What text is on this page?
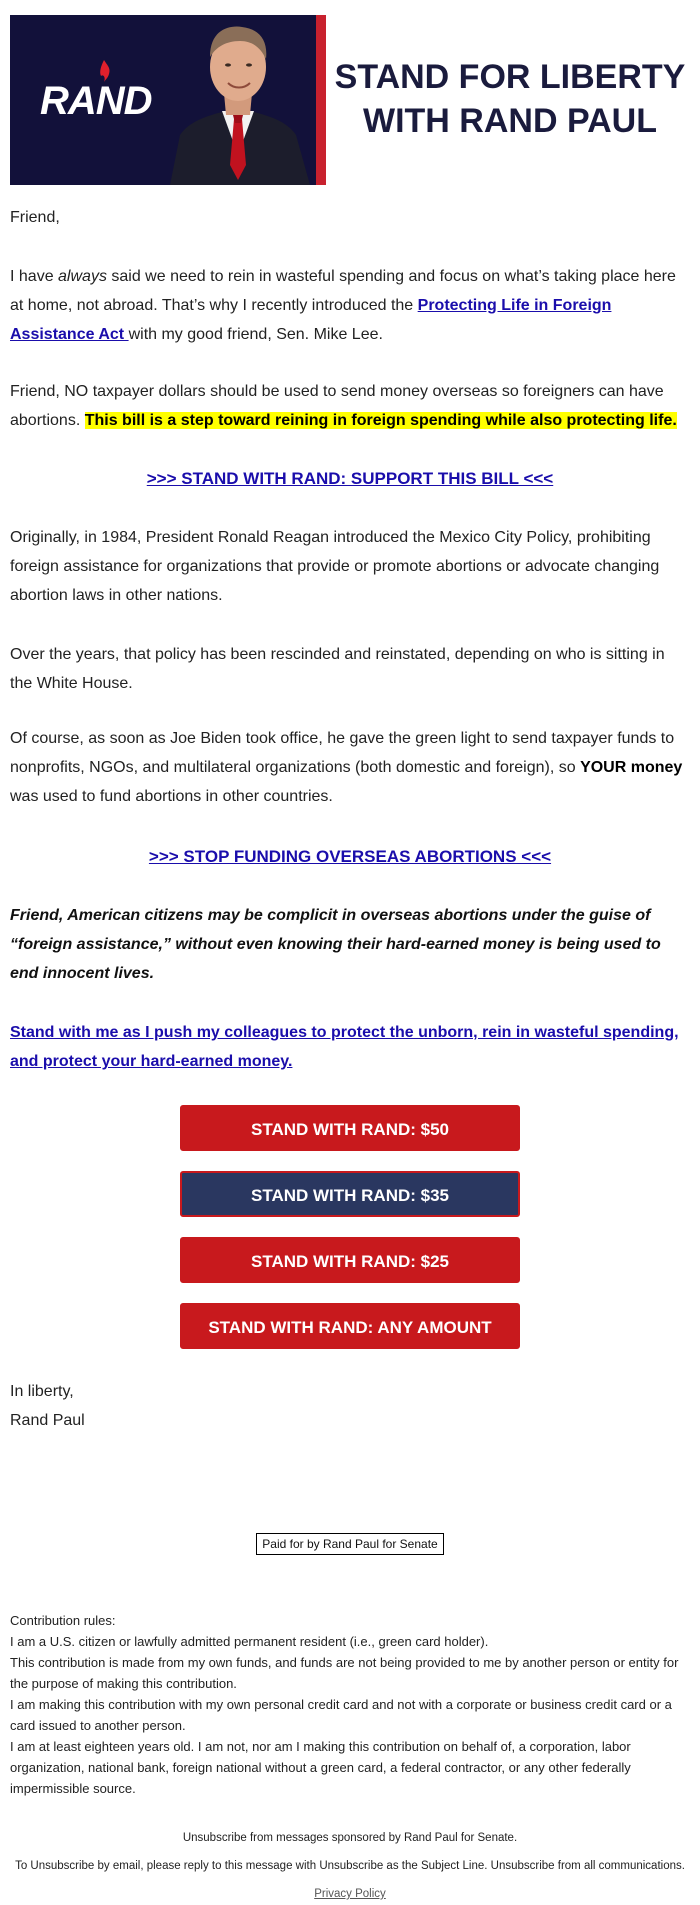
RAND
STAND FOR LIBERTY
WITH RAND PAUL
Friend,
I have always said we need to rein in wasteful spending and focus on what’s taking place here at home, not abroad. That’s why I recently introduced the Protecting Life in Foreign Assistance Act with my good friend, Sen. Mike Lee.
Friend, NO taxpayer dollars should be used to send money overseas so foreigners can have abortions. This bill is a step toward reining in foreign spending while also protecting life.
>>> STAND WITH RAND: SUPPORT THIS BILL <<<
Originally, in 1984, President Ronald Reagan introduced the Mexico City Policy, prohibiting foreign assistance for organizations that provide or promote abortions or advocate changing abortion laws in other nations.
Over the years, that policy has been rescinded and reinstated, depending on who is sitting in the White House.
Of course, as soon as Joe Biden took office, he gave the green light to send taxpayer funds to nonprofits, NGOs, and multilateral organizations (both domestic and foreign), so YOUR money was used to fund abortions in other countries.
>>> STOP FUNDING OVERSEAS ABORTIONS <<<
Friend, American citizens may be complicit in overseas abortions under the guise of “foreign assistance,” without even knowing their hard-earned money is being used to end innocent lives.
Stand with me as I push my colleagues to protect the unborn, rein in wasteful spending, and protect your hard-earned money.
STAND WITH RAND: $50
STAND WITH RAND: $35
STAND WITH RAND: $25
STAND WITH RAND: ANY AMOUNT
In liberty,
Rand Paul
Paid for by Rand Paul for Senate
Contribution rules:
I am a U.S. citizen or lawfully admitted permanent resident (i.e., green card holder).
This contribution is made from my own funds, and funds are not being provided to me by another person or entity for the purpose of making this contribution.
I am making this contribution with my own personal credit card and not with a corporate or business credit card or a card issued to another person.
I am at least eighteen years old. I am not, nor am I making this contribution on behalf of, a corporation, labor organization, national bank, foreign national without a green card, a federal contractor, or any other federally impermissible source.
Unsubscribe from messages sponsored by Rand Paul for Senate.
To Unsubscribe by email, please reply to this message with Unsubscribe as the Subject Line. Unsubscribe from all communications.
Privacy Policy
